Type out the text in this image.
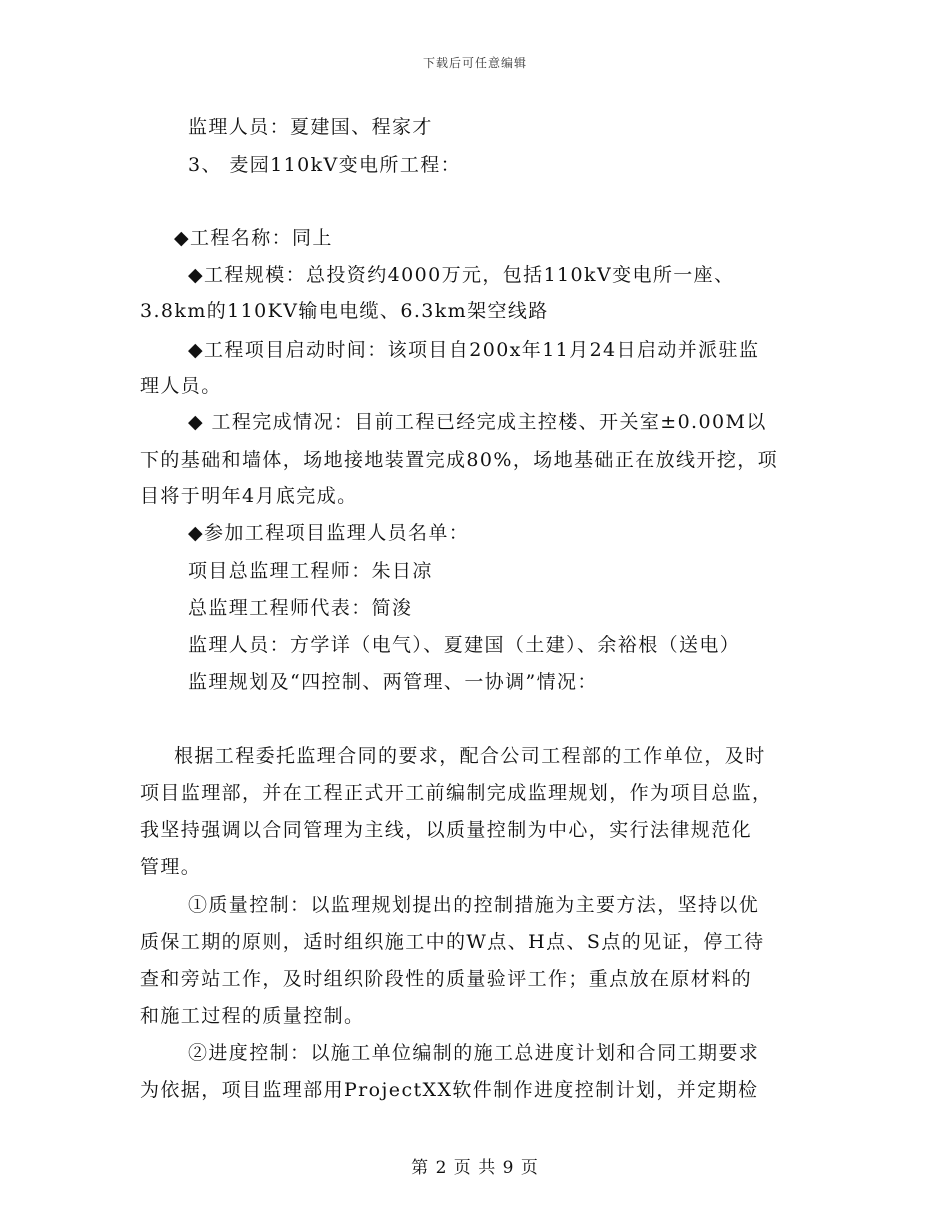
下载后可任意编辑
监理人员：夏建国、程家才
3、 麦园110kV变电所工程：
◆工程名称：同上
◆工程规模：总投资约4000万元，包括110kV变电所一座、
3.8km的110KV输电电缆、6.3km架空线路
◆工程项目启动时间：该项目自200x年11月24日启动并派驻监
理人员。
◆ 工程完成情况：目前工程已经完成主控楼、开关室±0.00M以
下的基础和墙体，场地接地装置完成80%，场地基础正在放线开挖，项
目将于明年4月底完成。
◆参加工程项目监理人员名单：
项目总监理工程师：朱日凉
总监理工程师代表：简浚
监理人员：方学详（电气）、夏建国（土建）、余裕根（送电）
监理规划及“四控制、两管理、一协调”情况：
根据工程委托监理合同的要求，配合公司工程部的工作单位，及时
项目监理部，并在工程正式开工前编制完成监理规划，作为项目总监，
我坚持强调以合同管理为主线，以质量控制为中心，实行法律规范化
管理。
①质量控制：以监理规划提出的控制措施为主要方法，坚持以优
质保工期的原则，适时组织施工中的W点、H点、S点的见证，停工待
查和旁站工作，及时组织阶段性的质量验评工作；重点放在原材料的
和施工过程的质量控制。
②进度控制：以施工单位编制的施工总进度计划和合同工期要求
为依据，项目监理部用ProjectXX软件制作进度控制计划，并定期检
第 2 页 共 9 页
